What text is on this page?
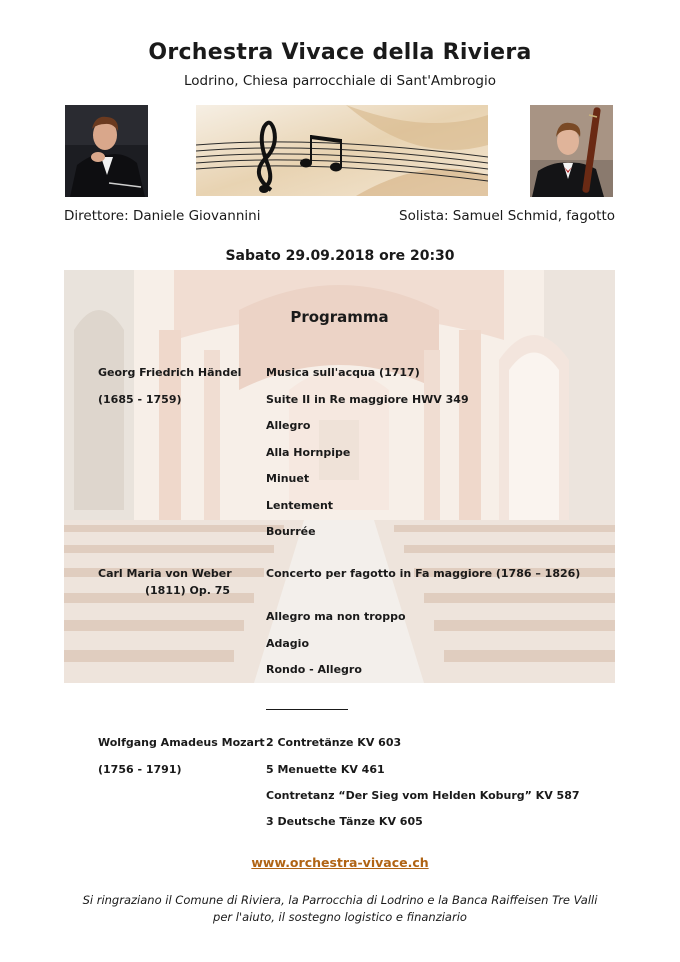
Orchestra Vivace della Riviera
Lodrino, Chiesa parrocchiale di Sant'Ambrogio
Direttore: Daniele Giovannini	Solista: Samuel Schmid, fagotto
Sabato 29.09.2018 ore 20:30
Programma
Georg Friedrich Händel
(1685 - 1759)
Musica sull'acqua (1717)
Suite II in Re maggiore HWV 349
Allegro
Alla Hornpipe
Minuet
Lentement
Bourrée
Carl Maria von Weber
(1811) Op. 75
Concerto per fagotto in Fa maggiore (1786 – 1826)
Allegro ma non troppo
Adagio
Rondo - Allegro
Wolfgang Amadeus Mozart
(1756 - 1791)
2 Contretänze KV 603
5 Menuette KV 461
Contretanz “Der Sieg vom Helden Koburg” KV 587
3 Deutsche Tänze KV 605
www.orchestra-vivace.ch
Si ringraziano il Comune di Riviera, la Parrocchia di Lodrino e la Banca Raiffeisen Tre Valli
per l'aiuto, il sostegno logistico e finanziario
